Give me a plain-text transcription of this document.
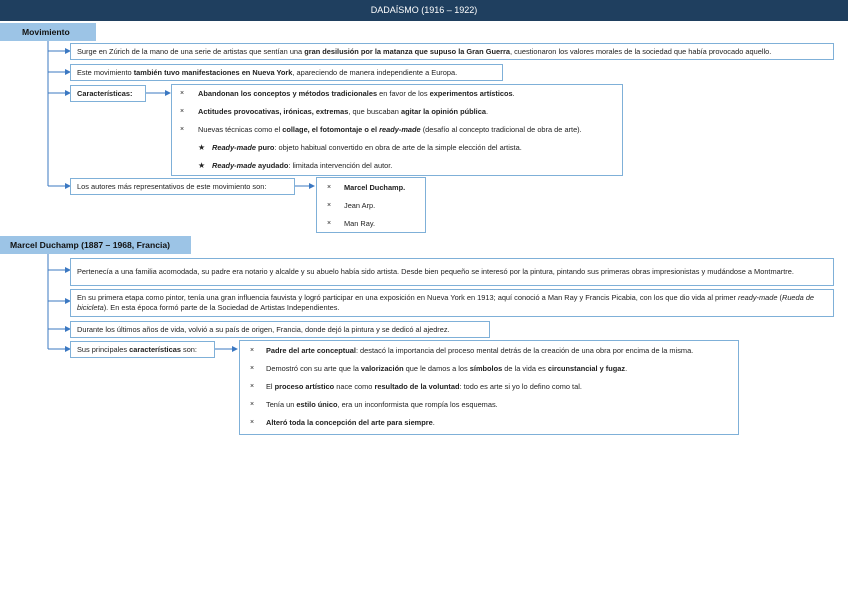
DADAÍSMO (1916 – 1922)
Movimiento
Surge en Zúrich de la mano de una serie de artistas que sentían una gran desilusión por la matanza que supuso la Gran Guerra, cuestionaron los valores morales de la sociedad que había provocado aquello.
Este movimiento también tuvo manifestaciones en Nueva York, apareciendo de manera independiente a Europa.
Características:	× Abandonan los conceptos y métodos tradicionales en favor de los experimentos artísticos.
× Actitudes provocativas, irónicas, extremas, que buscaban agitar la opinión pública.
× Nuevas técnicas como el collage, el fotomontaje o el ready-made (desafío al concepto tradicional de obra de arte).
★ Ready-made puro: objeto habitual convertido en obra de arte de la simple elección del artista.
★ Ready-made ayudado: limitada intervención del autor.
Los autores más representativos de este movimiento son:	× Marcel Duchamp.
× Jean Arp.
× Man Ray.
Marcel Duchamp (1887 – 1968, Francia)
Pertenecía a una familia acomodada, su padre era notario y alcalde y su abuelo había sido artista. Desde bien pequeño se interesó por la pintura, pintando sus primeras obras impresionistas y mudándose a Montmartre.
En su primera etapa como pintor, tenía una gran influencia fauvista y logró participar en una exposición en Nueva York en 1913; aquí conoció a Man Ray y Francis Picabia, con los que dio vida al primer ready-made (Rueda de bicicleta). En esta época formó parte de la Sociedad de Artistas Independientes.
Durante los últimos años de vida, volvió a su país de origen, Francia, donde dejó la pintura y se dedicó al ajedrez.
Sus principales características son:	× Padre del arte conceptual: destacó la importancia del proceso mental detrás de la creación de una obra por encima de la misma.
× Demostró con su arte que la valorización que le damos a los símbolos de la vida es circunstancial y fugaz.
× El proceso artístico nace como resultado de la voluntad: todo es arte si yo lo defino como tal.
× Tenía un estilo único, era un inconformista que rompía los esquemas.
× Alteró toda la concepción del arte para siempre.
